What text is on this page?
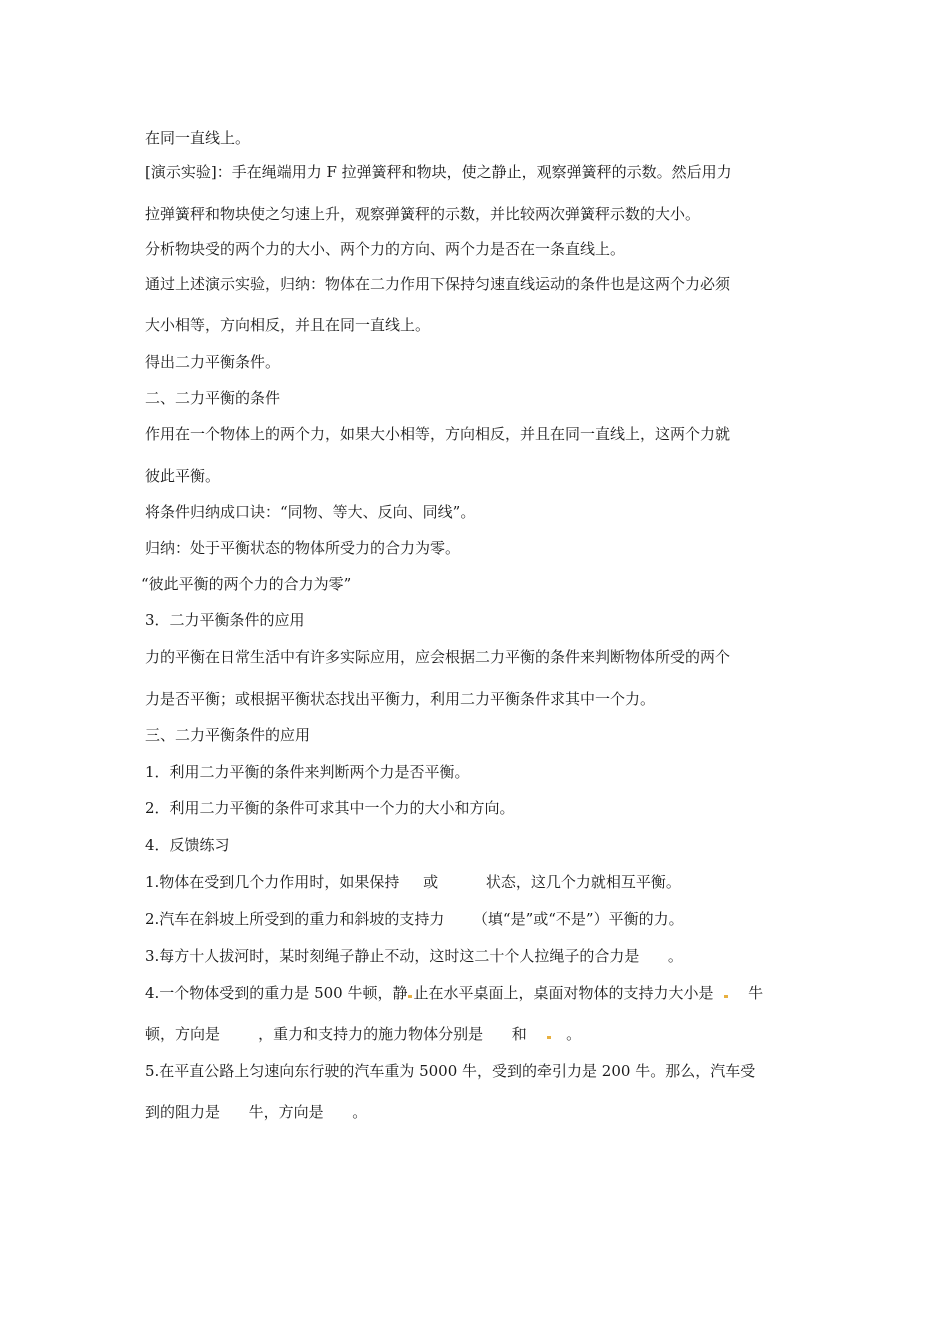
在同一直线上。
[演示实验]：手在绳端用力 F 拉弹簧秤和物块，使之静止，观察弹簧秤的示数。然后用力
拉弹簧秤和物块使之匀速上升，观察弹簧秤的示数，并比较两次弹簧秤示数的大小。
分析物块受的两个力的大小、两个力的方向、两个力是否在一条直线上。
通过上述演示实验，归纳：物体在二力作用下保持匀速直线运动的条件也是这两个力必须
大小相等，方向相反，并且在同一直线上。
得出二力平衡条件。
二、二力平衡的条件
作用在一个物体上的两个力，如果大小相等，方向相反，并且在同一直线上，这两个力就
彼此平衡。
将条件归纳成口诀：“同物、等大、反向、同线”。
归纳：处于平衡状态的物体所受力的合力为零。
“彼此平衡的两个力的合力为零”
3．二力平衡条件的应用
力的平衡在日常生活中有许多实际应用，应会根据二力平衡的条件来判断物体所受的两个
力是否平衡；或根据平衡状态找出平衡力，利用二力平衡条件求其中一个力。
三、二力平衡条件的应用
1．利用二力平衡的条件来判断两个力是否平衡。
2．利用二力平衡的条件可求其中一个力的大小和方向。
4．反馈练习
1.物体在受到几个力作用时，如果保持     或          状态，这几个力就相互平衡。
2.汽车在斜坡上所受到的重力和斜坡的支持力      （填“是”或“不是”）平衡的力。
3.每方十人拔河时，某时刻绳子静止不动，这时这二十个人拉绳子的合力是      。
4.一个物体受到的重力是 500 牛顿，静 止在水平桌面上，桌面对物体的支持力大小是 牛
顿，方向是        ，重力和支持力的施力物体分别是      和	。
5.在平直公路上匀速向东行驶的汽车重为 5000 牛，受到的牵引力是 200 牛。那么，汽车受
到的阻力是      牛，方向是      。
